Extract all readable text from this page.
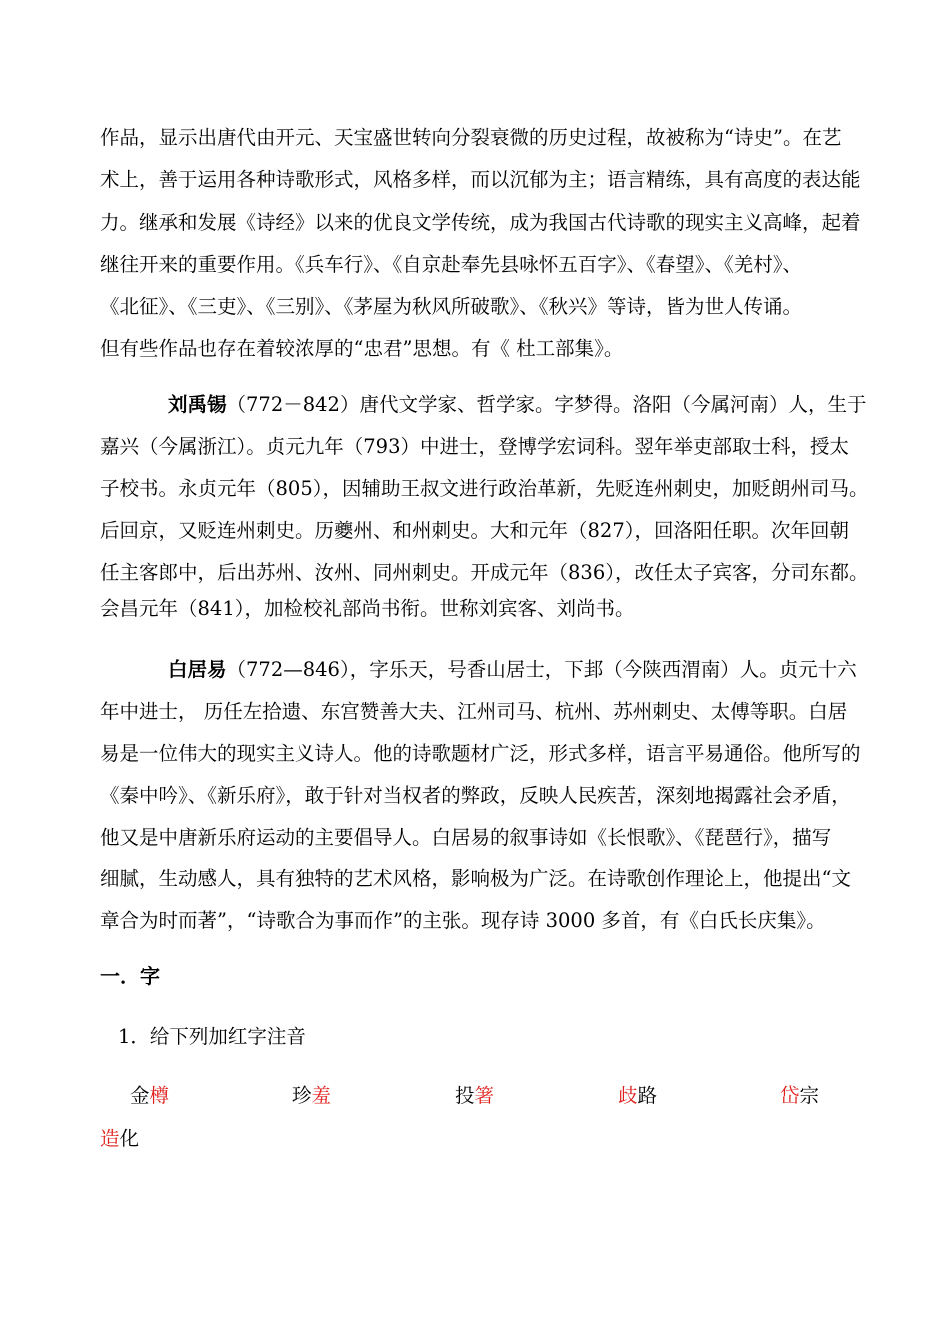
作品，显示出唐代由开元、天宝盛世转向分裂衰微的历史过程，故被称为“诗史”。在艺
术上，善于运用各种诗歌形式，风格多样，而以沉郁为主；语言精练，具有高度的表达能
力。继承和发展《诗经》以来的优良文学传统，成为我国古代诗歌的现实主义高峰，起着
继往开来的重要作用。《兵车行》、《自京赴奉先县咏怀五百字》、《春望》、《羌村》、
《北征》、《三吏》、《三别》、《茅屋为秋风所破歌》、《秋兴》等诗，皆为世人传诵。
但有些作品也存在着较浓厚的“忠君”思想。有《 杜工部集》。
刘禹锡（772－842）唐代文学家、哲学家。字梦得。洛阳（今属河南）人，生于
嘉兴（今属浙江）。贞元九年（793）中进士，登博学宏词科。翌年举吏部取士科，授太
子校书。永贞元年（805），因辅助王叔文进行政治革新，先贬连州刺史，加贬朗州司马。
后回京，又贬连州刺史。历夔州、和州刺史。大和元年（827），回洛阳任职。次年回朝
任主客郎中，后出苏州、汝州、同州刺史。开成元年（836），改任太子宾客，分司东都。
会昌元年（841），加检校礼部尚书衔。世称刘宾客、刘尚书。
白居易（772—846），字乐天，号香山居士，下邽（今陕西渭南）人。贞元十六
年中进士， 历任左拾遗、东宫赞善大夫、江州司马、杭州、苏州刺史、太傅等职。白居
易是一位伟大的现实主义诗人。他的诗歌题材广泛，形式多样，语言平易通俗。他所写的
《秦中吟》、《新乐府》，敢于针对当权者的弊政，反映人民疾苦，深刻地揭露社会矛盾，
他又是中唐新乐府运动的主要倡导人。白居易的叙事诗如《长恨歌》、《琵琶行》，描写
细腻，生动感人，具有独特的艺术风格，影响极为广泛。在诗歌创作理论上，他提出“文
章合为时而著”，“诗歌合为事而作”的主张。现存诗 3000 多首，有《白氏长庆集》。
一．字
1．给下列加红字注音
金樽	珍羞	投箸	歧路	岱宗
造化
